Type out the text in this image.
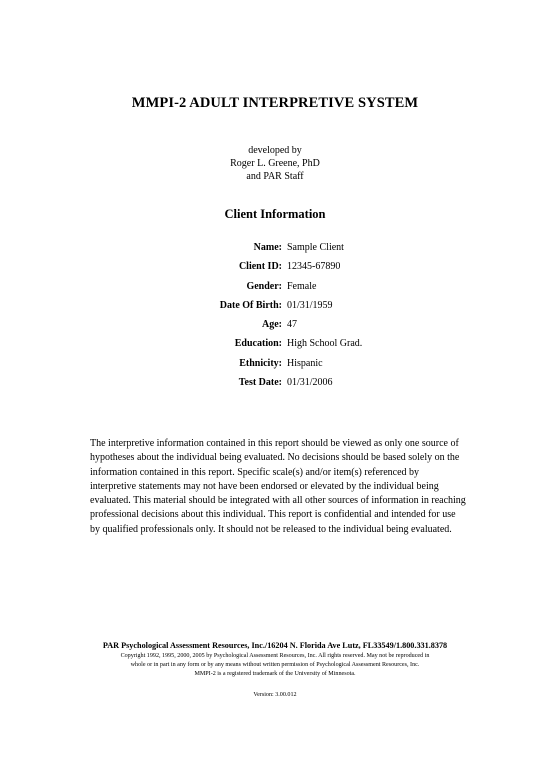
MMPI-2 ADULT INTERPRETIVE SYSTEM
developed by
Roger L. Greene, PhD
and PAR Staff
Client Information
Name: Sample Client
Client ID: 12345-67890
Gender: Female
Date Of Birth: 01/31/1959
Age: 47
Education: High School Grad.
Ethnicity: Hispanic
Test Date: 01/31/2006

The interpretive information contained in this report should be viewed as only one source of hypotheses about the individual being evaluated. No decisions should be based solely on the information contained in this report. Specific scale(s) and/or item(s) referenced by interpretive statements may not have been endorsed or elevated by the individual being evaluated. This material should be integrated with all other sources of information in reaching professional decisions about this individual. This report is confidential and intended for use by qualified professionals only. It should not be released to the individual being evaluated.

PAR Psychological Assessment Resources, Inc./16204 N. Florida Ave Lutz, FL33549/1.800.331.8378
Copyright 1992, 1995, 2000, 2005 by Psychological Assessment Resources, Inc. All rights reserved. May not be reproduced in
whole or in part in any form or by any means without written permission of Psychological Assessment Resources, Inc.
MMPI-2 is a registered trademark of the University of Minnesota.
Version: 3.00.012
